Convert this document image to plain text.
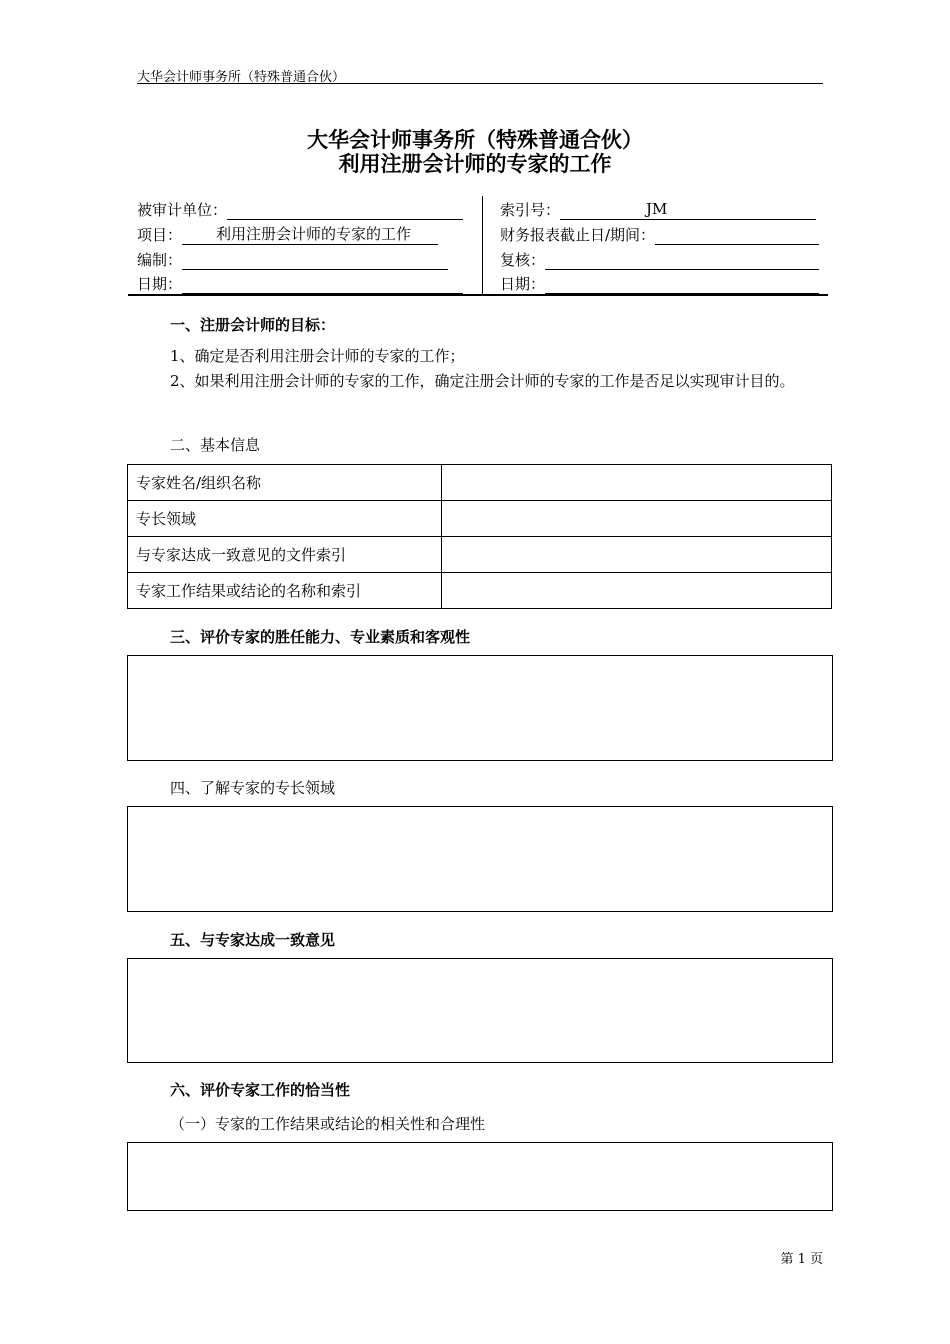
大华会计师事务所（特殊普通合伙）
大华会计师事务所（特殊普通合伙）
利用注册会计师的专家的工作
被审计单位：
项目： 利用注册会计师的专家的工作
编制：
日期：
索引号：	JM
财务报表截止日/期间：
复核：
日期：
一、注册会计师的目标：
1、确定是否利用注册会计师的专家的工作；
2、如果利用注册会计师的专家的工作，确定注册会计师的专家的工作是否足以实现审计目的。
二、基本信息
专家姓名/组织名称	
专长领域	
与专家达成一致意见的文件索引	
专家工作结果或结论的名称和索引	
三、评价专家的胜任能力、专业素质和客观性
四、了解专家的专长领域
五、与专家达成一致意见
六、评价专家工作的恰当性
（一）专家的工作结果或结论的相关性和合理性
第 1 页
